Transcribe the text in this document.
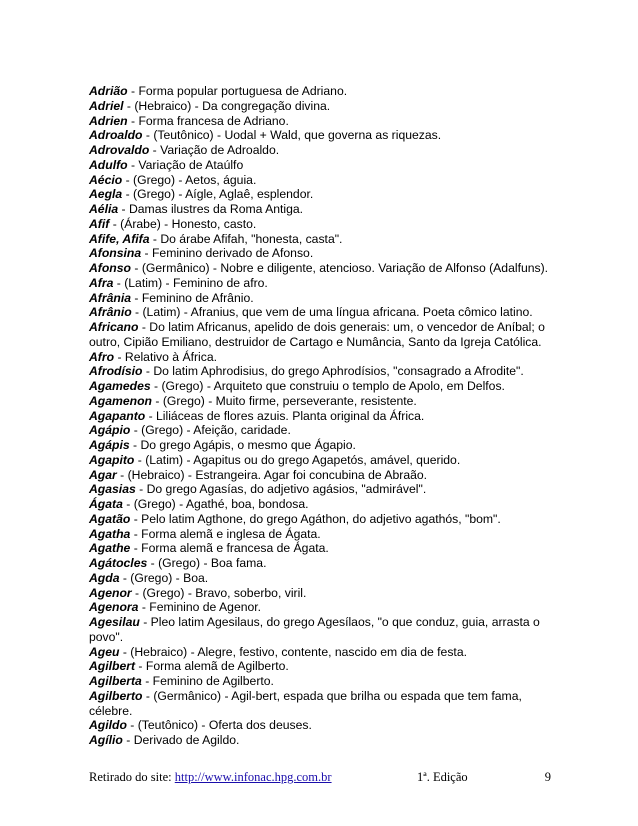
Adrião - Forma popular portuguesa de Adriano.

Adriel - (Hebraico) - Da congregação divina.

Adrien - Forma francesa de Adriano.

Adroaldo - (Teutônico) - Uodal + Wald, que governa as riquezas.

Adrovaldo - Variação de Adroaldo.

Adulfo - Variação de Ataúlfo

Aécio - (Grego) - Aetos, águia.

Aegla - (Grego) - Aígle, Aglaê, esplendor.

Aélia - Damas ilustres da Roma Antiga.

Afif - (Árabe) - Honesto, casto.

Afife, Afifa - Do árabe Afifah, "honesta, casta".

Afonsina - Feminino derivado de Afonso.

Afonso - (Germânico) - Nobre e diligente, atencioso. Variação de Alfonso (Adalfuns).

Afra - (Latim) - Feminino de afro.

Afrânia - Feminino de Afrânio.

Afrânio - (Latim) - Afranius, que vem de uma língua africana. Poeta cômico latino.

Africano - Do latim Africanus, apelido de dois generais: um, o vencedor de Aníbal; o outro, Cipião Emiliano, destruidor de Cartago e Numância, Santo da Igreja Católica.

Afro - Relativo à África.

Afrodísio - Do latim Aphrodisius, do grego Aphrodísios, "consagrado a Afrodite".

Agamedes - (Grego) - Arquiteto que construiu o templo de Apolo, em Delfos.

Agamenon - (Grego) - Muito firme, perseverante, resistente.

Agapanto - Liliáceas de flores azuis. Planta original da África.

Agápio - (Grego) - Afeição, caridade.

Agápis - Do grego Agápis, o mesmo que Ágapio.

Agapito - (Latim) - Agapitus ou do grego Agapetós, amável, querido.

Agar - (Hebraico) - Estrangeira. Agar foi concubina de Abraão.

Agasias - Do grego Agasías, do adjetivo agásios, "admirável".

Ágata - (Grego) - Agathé, boa, bondosa.

Agatão - Pelo latim Agthone, do grego Agáthon, do adjetivo agathós, "bom".

Agatha - Forma alemã e inglesa de Ágata.

Agathe - Forma alemã e francesa de Ágata.

Agátocles - (Grego) - Boa fama.

Agda - (Grego) - Boa.

Agenor - (Grego) - Bravo, soberbo, viril.

Agenora - Feminino de Agenor.

Agesilau - Pleo latim Agesilaus, do grego Agesílaos, "o que conduz, guia, arrasta o povo".

Ageu - (Hebraico) - Alegre, festivo, contente, nascido em dia de festa.

Agilbert - Forma alemã de Agilberto.

Agilberta - Feminino de Agilberto.

Agilberto - (Germânico) - Agil-bert, espada que brilha ou espada que tem fama, célebre.

Agildo - (Teutônico) - Oferta dos deuses.

Agílio - Derivado de Agildo.

Retirado do site: http://www.infonac.hpg.com.br	1ª. Edição	9
